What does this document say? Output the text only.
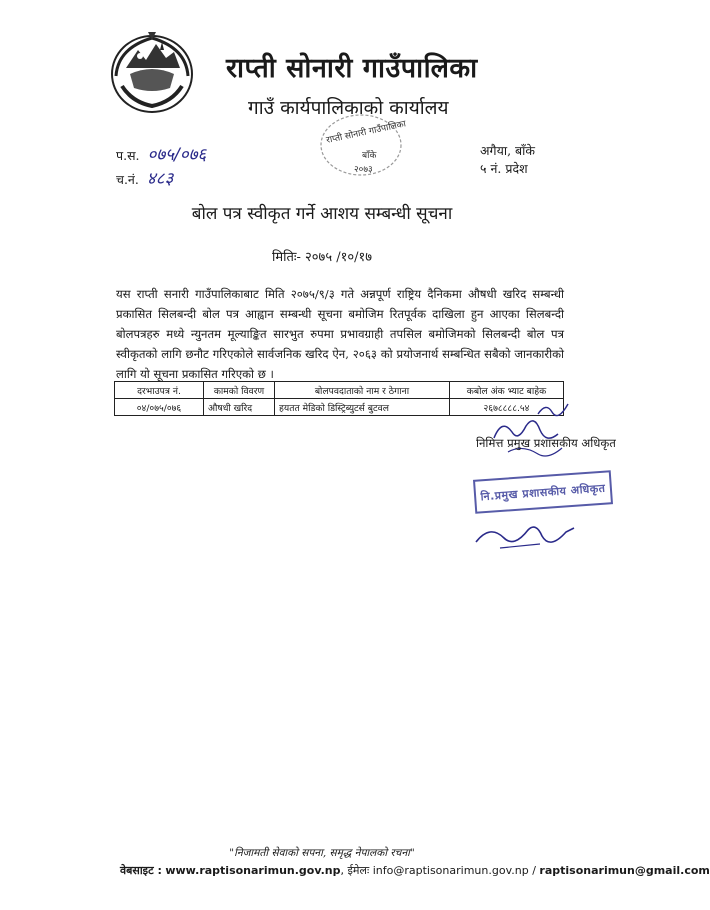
राप्ती सोनारी गाउँपालिका
गाउँ कार्यपालिकाको कार्यालय
प.स. ०७५/०७६
च.नं. ४८३
राप्ती सोनारी गाउँपालिका
बाँके
२०७३
अगैया, बाँके
५ नं. प्रदेश
बोल पत्र स्वीकृत गर्ने आशय सम्बन्धी सूचना
मितिः- २०७५ /१०/१७
यस राप्ती सनारी गाउँपालिकाबाट मिति २०७५/९/३ गते अन्नपूर्ण राष्ट्रिय दैनिकमा औषधी खरिद सम्बन्धी प्रकासित सिलबन्दी बोल पत्र आह्वान सम्बन्धी सूचना बमोजिम रितपूर्वक दाखिला हुन आएका सिलबन्दी बोलपत्रहरु मध्ये न्युनतम मूल्याङ्कित सारभुत रुपमा प्रभावग्राही तपसिल बमोजिमको सिलबन्दी बोल पत्र स्वीकृतको लागि छनौट गरिएकोले सार्वजनिक खरिद ऐन, २०६३ को प्रयोजनार्थ सम्बन्धित सबैको जानकारीको लागि यो सूचना प्रकासित गरिएको छ ।
दरभाउपत्र नं.	कामको विवरण	बोलपवदाताको नाम र ठेगाना	कबोल अंक भ्याट बाहेक
०४/०७५/०७६	औषधी खरिद	हयतत मेडिको डिस्ट्रिब्युटर्स बुटवल	२६७८८८८.५४
निमित्त प्रमुख प्रशासकीय अधिकृत
नि.प्रमुख प्रशासकीय अधिकृत
"निजामती सेवाको सपना, समृद्ध नेपालको रचना"
वेबसाइट : www.raptisonarimun.gov.np, ईमेलः info@raptisonarimun.gov.np / raptisonarimun@gmail.com
